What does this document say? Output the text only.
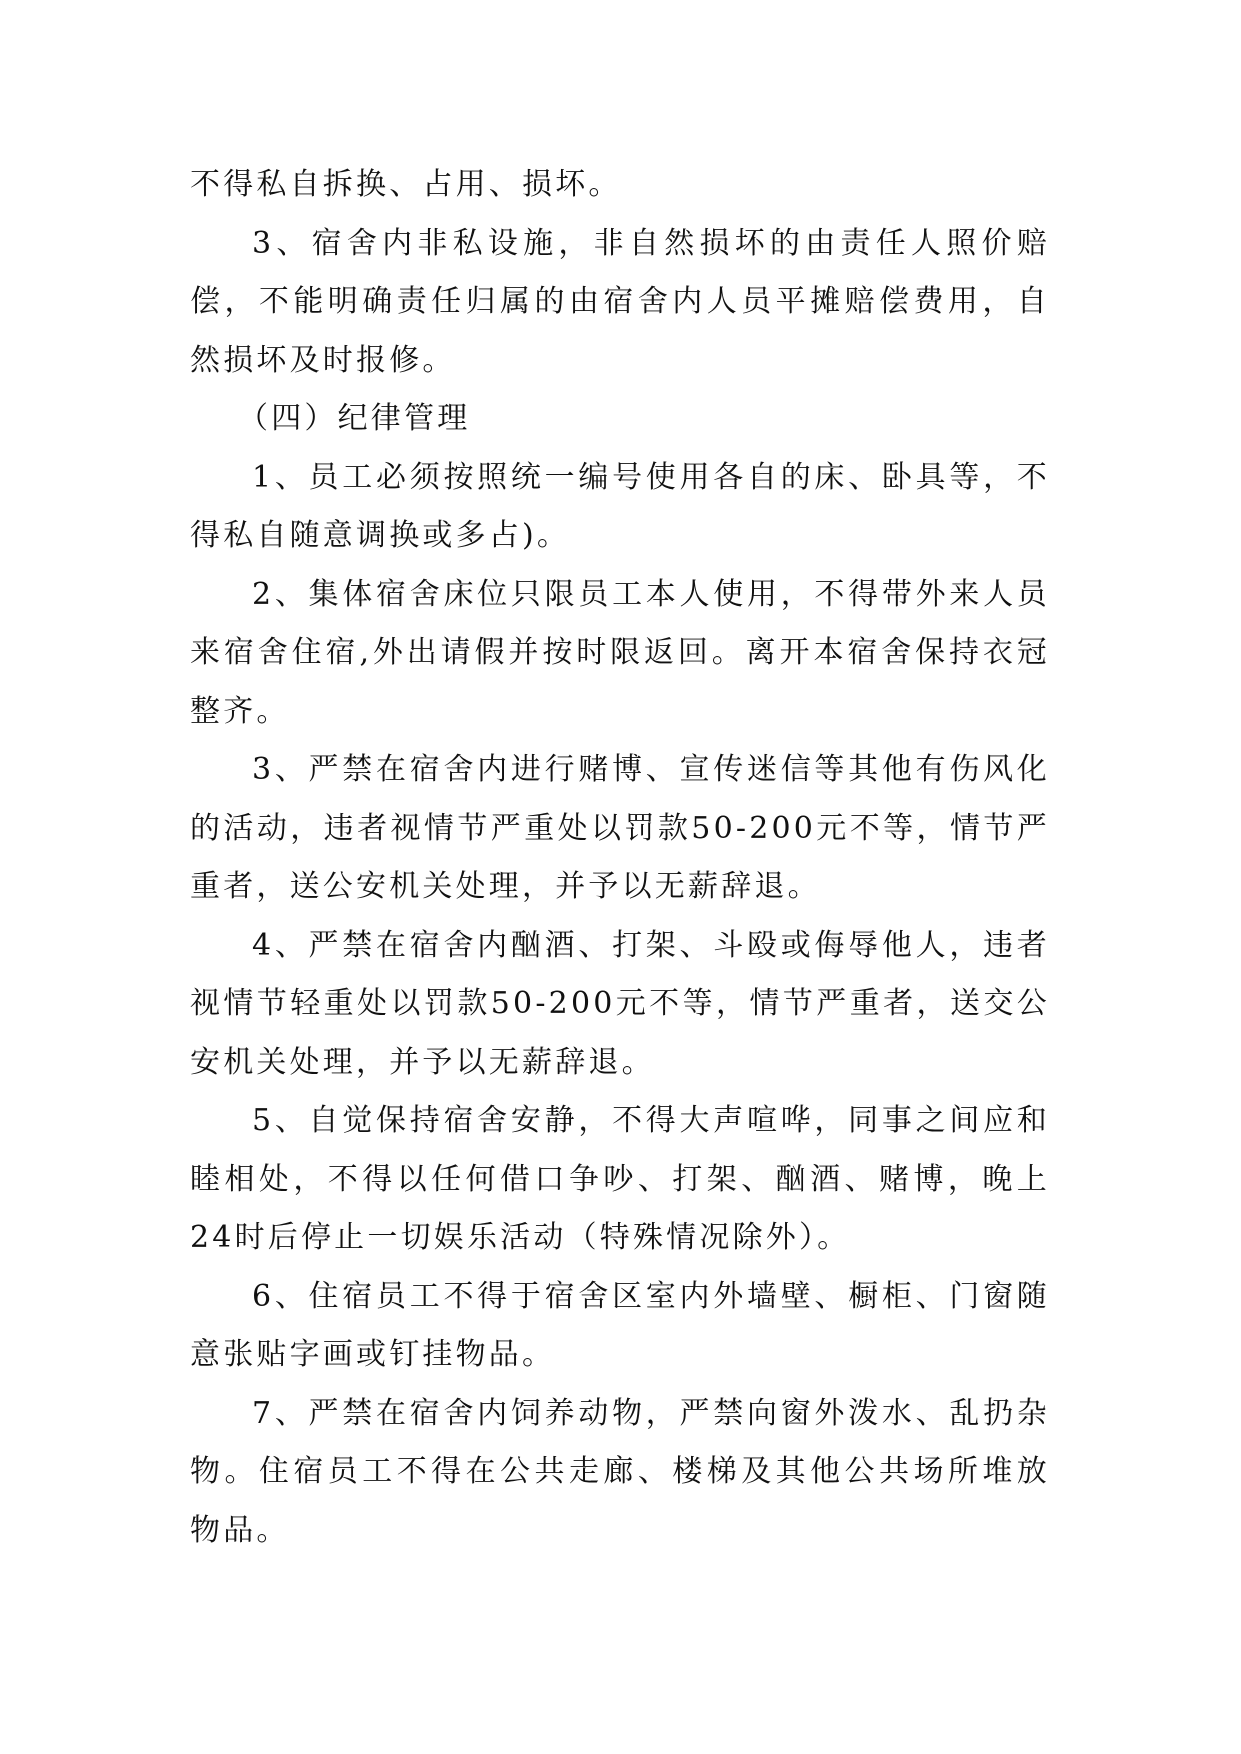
不得私自拆换、占用、损坏。

3、宿舍内非私设施，非自然损坏的由责任人照价赔偿，不能明确责任归属的由宿舍内人员平摊赔偿费用，自然损坏及时报修。

（四）纪律管理

1、员工必须按照统一编号使用各自的床、卧具等，不得私自随意调换或多占)。

2、集体宿舍床位只限员工本人使用，不得带外来人员来宿舍住宿,外出请假并按时限返回。离开本宿舍保持衣冠整齐。

3、严禁在宿舍内进行赌博、宣传迷信等其他有伤风化的活动，违者视情节严重处以罚款50-200元不等，情节严重者，送公安机关处理，并予以无薪辞退。

4、严禁在宿舍内酗酒、打架、斗殴或侮辱他人，违者视情节轻重处以罚款50-200元不等，情节严重者，送交公安机关处理，并予以无薪辞退。

5、自觉保持宿舍安静，不得大声喧哗，同事之间应和睦相处，不得以任何借口争吵、打架、酗酒、赌博，晚上24时后停止一切娱乐活动（特殊情况除外）。

6、住宿员工不得于宿舍区室内外墙壁、橱柜、门窗随意张贴字画或钉挂物品。

7、严禁在宿舍内饲养动物，严禁向窗外泼水、乱扔杂物。住宿员工不得在公共走廊、楼梯及其他公共场所堆放物品。
